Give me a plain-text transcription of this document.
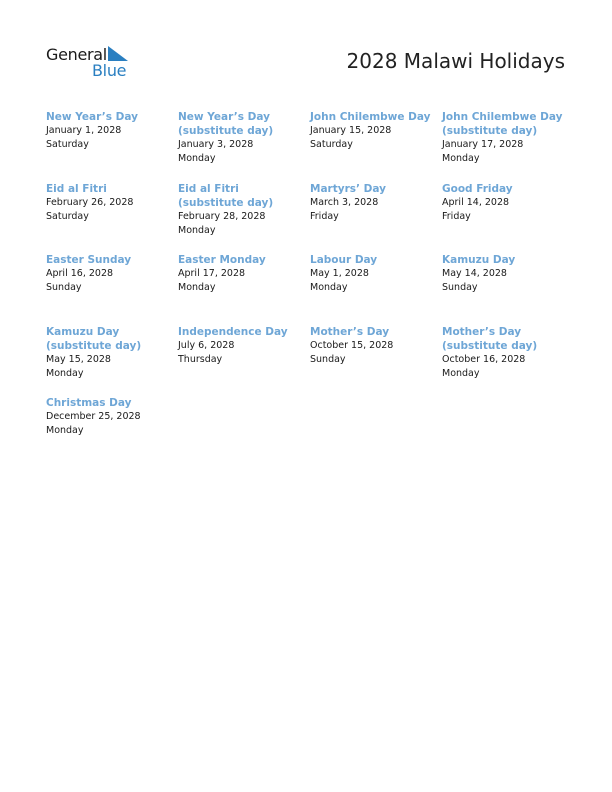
General
Blue	2028 Malawi Holidays
New Year’s Day
January 1, 2028
Saturday
New Year’s Day (substitute day)
January 3, 2028
Monday
John Chilembwe Day
January 15, 2028
Saturday
John Chilembwe Day (substitute day)
January 17, 2028
Monday
Eid al Fitri
February 26, 2028
Saturday
Eid al Fitri (substitute day)
February 28, 2028
Monday
Martyrs’ Day
March 3, 2028
Friday
Good Friday
April 14, 2028
Friday
Easter Sunday
April 16, 2028
Sunday
Easter Monday
April 17, 2028
Monday
Labour Day
May 1, 2028
Monday
Kamuzu Day
May 14, 2028
Sunday
Kamuzu Day (substitute day)
May 15, 2028
Monday
Independence Day
July 6, 2028
Thursday
Mother’s Day
October 15, 2028
Sunday
Mother’s Day (substitute day)
October 16, 2028
Monday
Christmas Day
December 25, 2028
Monday
